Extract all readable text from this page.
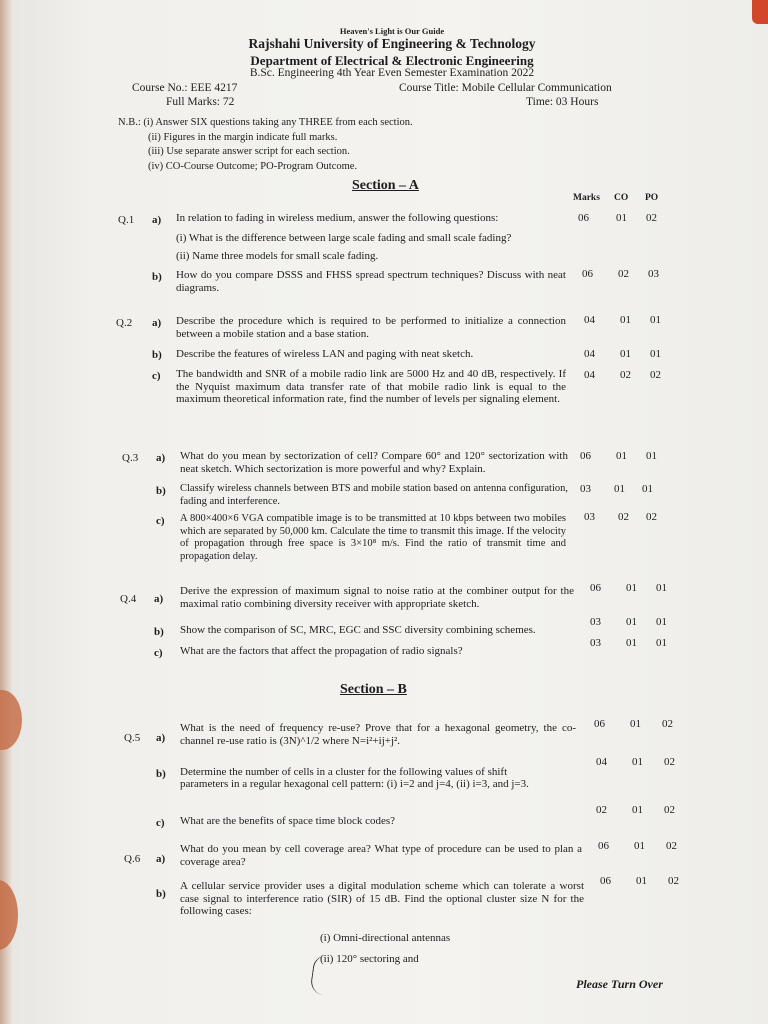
Heaven's Light is Our Guide
Rajshahi University of Engineering & Technology
Department of Electrical & Electronic Engineering
B.Sc. Engineering 4th Year Even Semester Examination 2022
Course No.: EEE 4217	Course Title: Mobile Cellular Communication
Full Marks: 72	Time: 03 Hours
N.B.: (i) Answer SIX questions taking any THREE from each section.
(ii) Figures in the margin indicate full marks.
(iii) Use separate answer script for each section.
(iv) CO-Course Outcome; PO-Program Outcome.
Section – A
Marks CO PO
Q.1 a) In relation to fading in wireless medium, answer the following questions:
(i) What is the difference between large scale fading and small scale fading?
(ii) Name three models for small scale fading.
06 01 02
b) How do you compare DSSS and FHSS spread spectrum techniques? Discuss with neat diagrams.
06 02 03
Q.2 a) Describe the procedure which is required to be performed to initialize a connection between a mobile station and a base station.
04 01 01
b) Describe the features of wireless LAN and paging with neat sketch.	04 01 01
c) The bandwidth and SNR of a mobile radio link are 5000 Hz and 40 dB, respectively. If the Nyquist maximum data transfer rate of that mobile radio link is equal to the maximum theoretical information rate, find the number of levels per signaling element.
04 02 02
Q.3 a) What do you mean by sectorization of cell? Compare 60° and 120° sectorization with neat sketch. Which sectorization is more powerful and why? Explain.
06 01 01
b) Classify wireless channels between BTS and mobile station based on antenna configuration, fading and interference.
03 01 01
c) A 800×400×6 VGA compatible image is to be transmitted at 10 kbps between two mobiles which are separated by 50,000 km. Calculate the time to transmit this image. If the velocity of propagation through free space is 3×10⁸ m/s. Find the ratio of transmit time and propagation delay.
03 02 02
Q.4 a)
Derive the expression of maximum signal to noise ratio at the combiner output for the maximal ratio combining diversity receiver with appropriate sketch.
06 01 01
b) Show the comparison of SC, MRC, EGC and SSC diversity combining schemes.
03 01 01
c) What are the factors that affect the propagation of radio signals?
03 01 01
Section – B
Q.5 a)
What is the need of frequency re-use? Prove that for a hexagonal geometry, the co-channel re-use ratio is (3N)^1/2 where N=i²+ij+j².
06 01 02
b) Determine the number of cells in a cluster for the following values of shift
parameters in a regular hexagonal cell pattern: (i) i=2 and j=4, (ii) i=3, and j=3.
04 01 02
c) What are the benefits of space time block codes?
02 01 02
Q.6 a)
What do you mean by cell coverage area? What type of procedure can be used to plan a coverage area?
06 01 02
b)
A cellular service provider uses a digital modulation scheme which can tolerate a worst case signal to interference ratio (SIR) of 15 dB. Find the optional cluster size N for the following cases:
06 01 02
(i) Omni-directional antennas
(ii) 120° sectoring and
Please Turn Over
